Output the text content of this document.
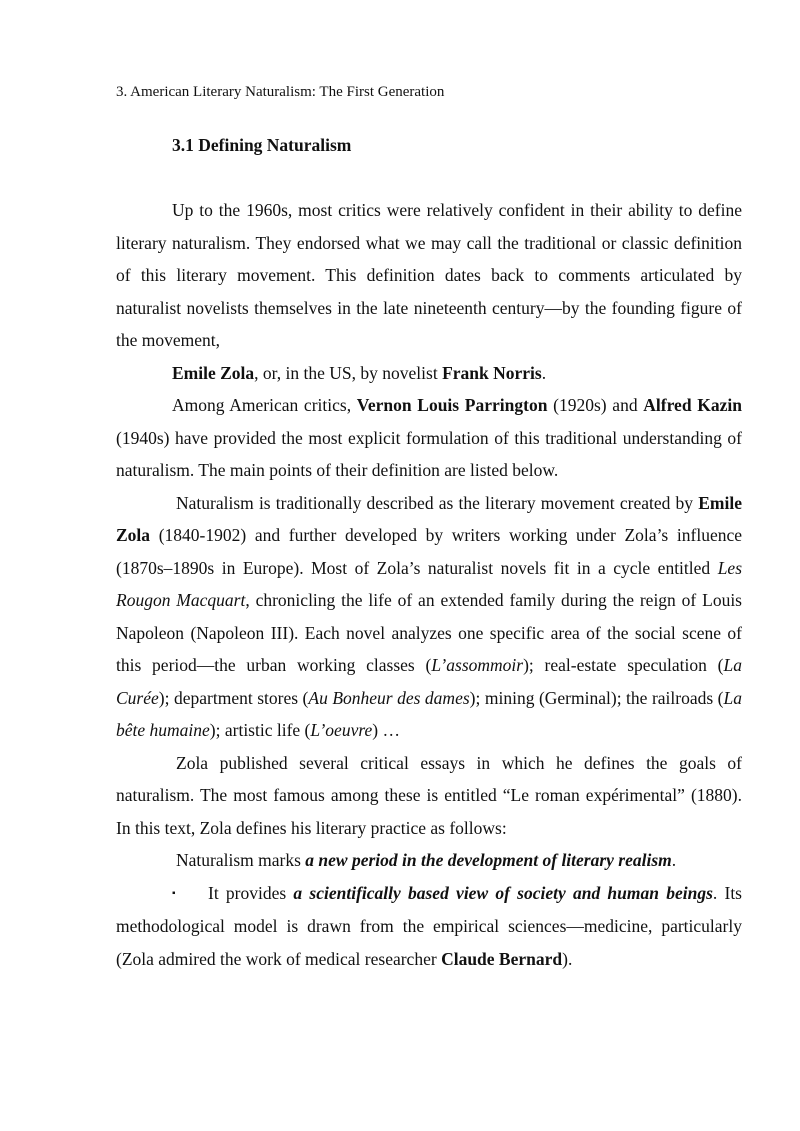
3. American Literary Naturalism: The First Generation
3.1 Defining Naturalism

Up to the 1960s, most critics were relatively confident in their ability to define literary naturalism. They endorsed what we may call the traditional or classic definition of this literary movement. This definition dates back to comments articulated by naturalist novelists themselves in the late nineteenth century—by the founding figure of the movement,

Emile Zola, or, in the US, by novelist Frank Norris.

Among American critics, Vernon Louis Parrington (1920s) and Alfred Kazin (1940s) have provided the most explicit formulation of this traditional understanding of naturalism. The main points of their definition are listed below.

Naturalism is traditionally described as the literary movement created by Emile Zola (1840-1902) and further developed by writers working under Zola’s influence (1870s–1890s in Europe). Most of Zola’s naturalist novels fit in a cycle entitled Les Rougon Macquart, chronicling the life of an extended family during the reign of Louis Napoleon (Napoleon III). Each novel analyzes one specific area of the social scene of this period—the urban working classes (L’assommoir); real-estate speculation (La Curée); department stores (Au Bonheur des dames); mining (Germinal); the railroads (La bête humaine); artistic life (L’oeuvre) …

Zola published several critical essays in which he defines the goals of naturalism. The most famous among these is entitled “Le roman expérimental” (1880). In this text, Zola defines his literary practice as follows:

Naturalism marks a new period in the development of literary realism.

▪ It provides a scientifically based view of society and human beings. Its methodological model is drawn from the empirical sciences—medicine, particularly (Zola admired the work of medical researcher Claude Bernard).
